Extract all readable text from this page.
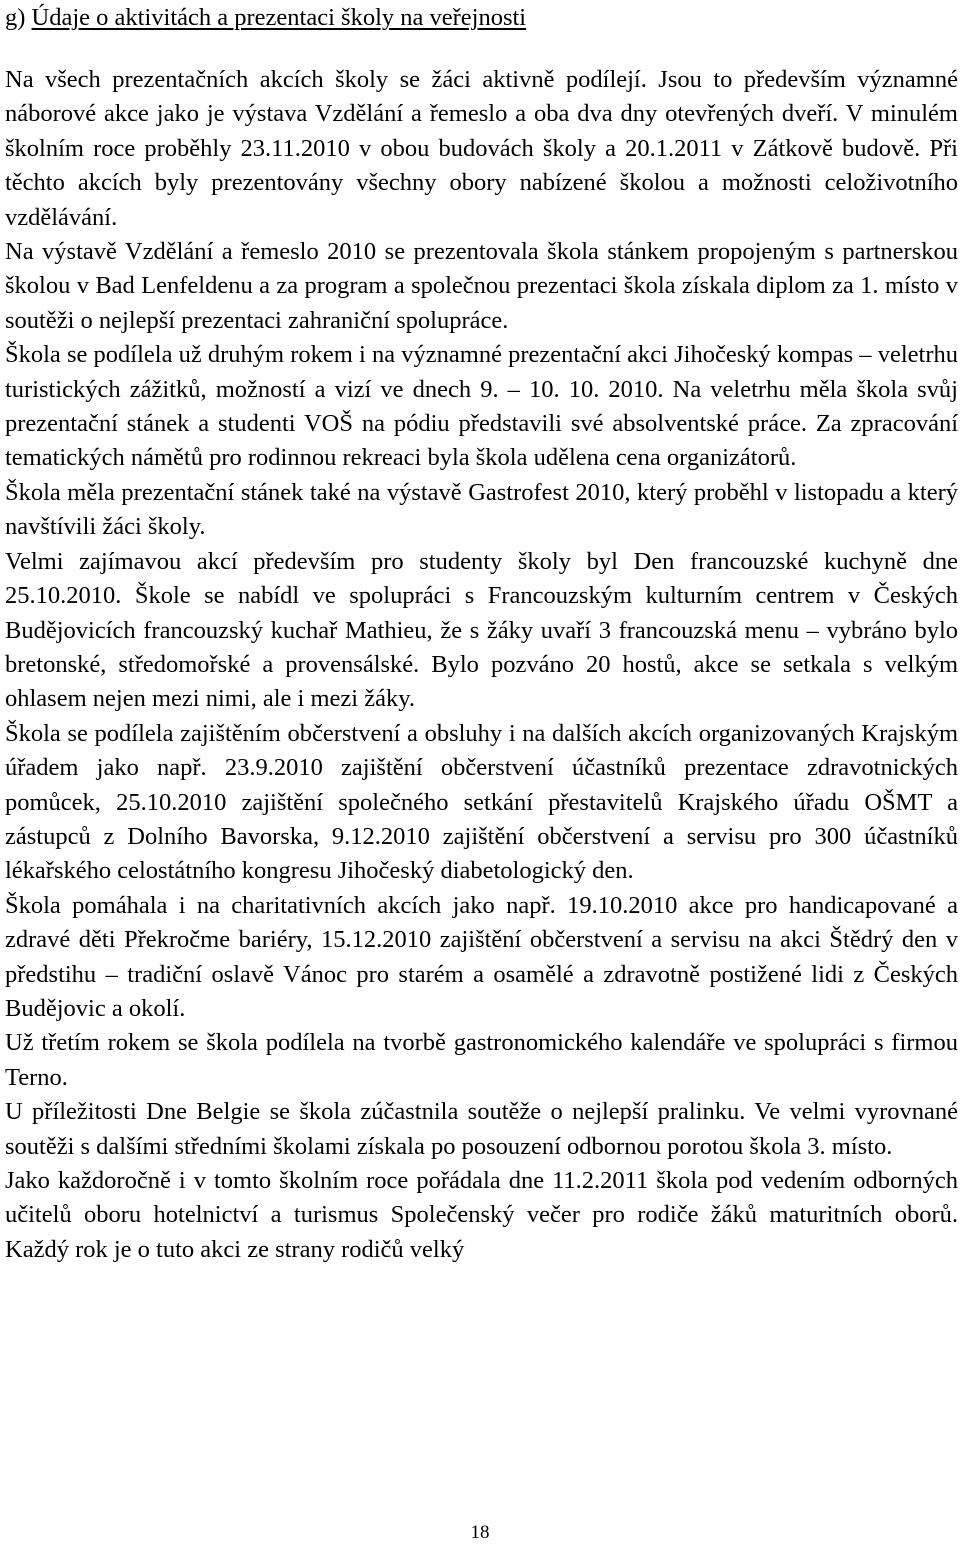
g) Údaje o aktivitách a prezentaci školy na veřejnosti

Na všech prezentačních akcích školy se žáci aktivně podílejí. Jsou to především významné náborové akce jako je výstava Vzdělání a řemeslo a oba dva dny otevřených dveří. V minulém školním roce proběhly 23.11.2010 v obou budovách školy a 20.1.2011 v Zátkově budově. Při těchto akcích byly prezentovány všechny obory nabízené školou a možnosti celoživotního vzdělávání.

Na výstavě Vzdělání a řemeslo 2010 se prezentovala škola stánkem propojeným s partnerskou školou v Bad Lenfeldenu a za program a společnou prezentaci škola získala diplom za 1. místo v soutěži o nejlepší prezentaci zahraniční spolupráce.

Škola se podílela už druhým rokem i na významné prezentační akci Jihočeský kompas – veletrhu turistických zážitků, možností a vizí ve dnech 9. – 10. 10. 2010. Na veletrhu měla škola svůj prezentační stánek a studenti VOŠ na pódiu představili své absolventské práce. Za zpracování tematických námětů pro rodinnou rekreaci byla škola udělena cena organizátorů.

Škola měla prezentační stánek také na výstavě Gastrofest 2010, který proběhl v listopadu a který navštívili žáci školy.

Velmi zajímavou akcí především pro studenty školy byl Den francouzské kuchyně dne 25.10.2010. Škole se nabídl ve spolupráci s Francouzským kulturním centrem v Českých Budějovicích francouzský kuchař Mathieu, že s žáky uvaří 3 francouzská menu – vybráno bylo bretonské, středomořské a provensálské. Bylo pozváno 20 hostů, akce se setkala s velkým ohlasem nejen mezi nimi, ale i mezi žáky.

Škola se podílela zajištěním občerstvení a obsluhy i na dalších akcích organizovaných Krajským úřadem jako např. 23.9.2010 zajištění občerstvení účastníků prezentace zdravotnických pomůcek, 25.10.2010 zajištění společného setkání přestavitelů Krajského úřadu OŠMT a zástupců z Dolního Bavorska, 9.12.2010 zajištění občerstvení a servisu pro 300 účastníků lékařského celostátního kongresu Jihočeský diabetologický den.

Škola pomáhala i na charitativních akcích jako např. 19.10.2010 akce pro handicapované a zdravé děti Překročme bariéry, 15.12.2010 zajištění občerstvení a servisu na akci Štědrý den v předstihu – tradiční oslavě Vánoc pro starém a osamělé a zdravotně postižené lidi z Českých Budějovic a okolí.

Už třetím rokem se škola podílela na tvorbě gastronomického kalendáře ve spolupráci s firmou Terno.

U příležitosti Dne Belgie se škola zúčastnila soutěže o nejlepší pralinku. Ve velmi vyrovnané soutěži s dalšími středními školami získala po posouzení odbornou porotou škola 3. místo.

Jako každoročně i v tomto školním roce pořádala dne 11.2.2011 škola pod vedením odborných učitelů oboru hotelnictví a turismus Společenský večer pro rodiče žáků maturitních oborů. Každý rok je o tuto akci ze strany rodičů velký

18
